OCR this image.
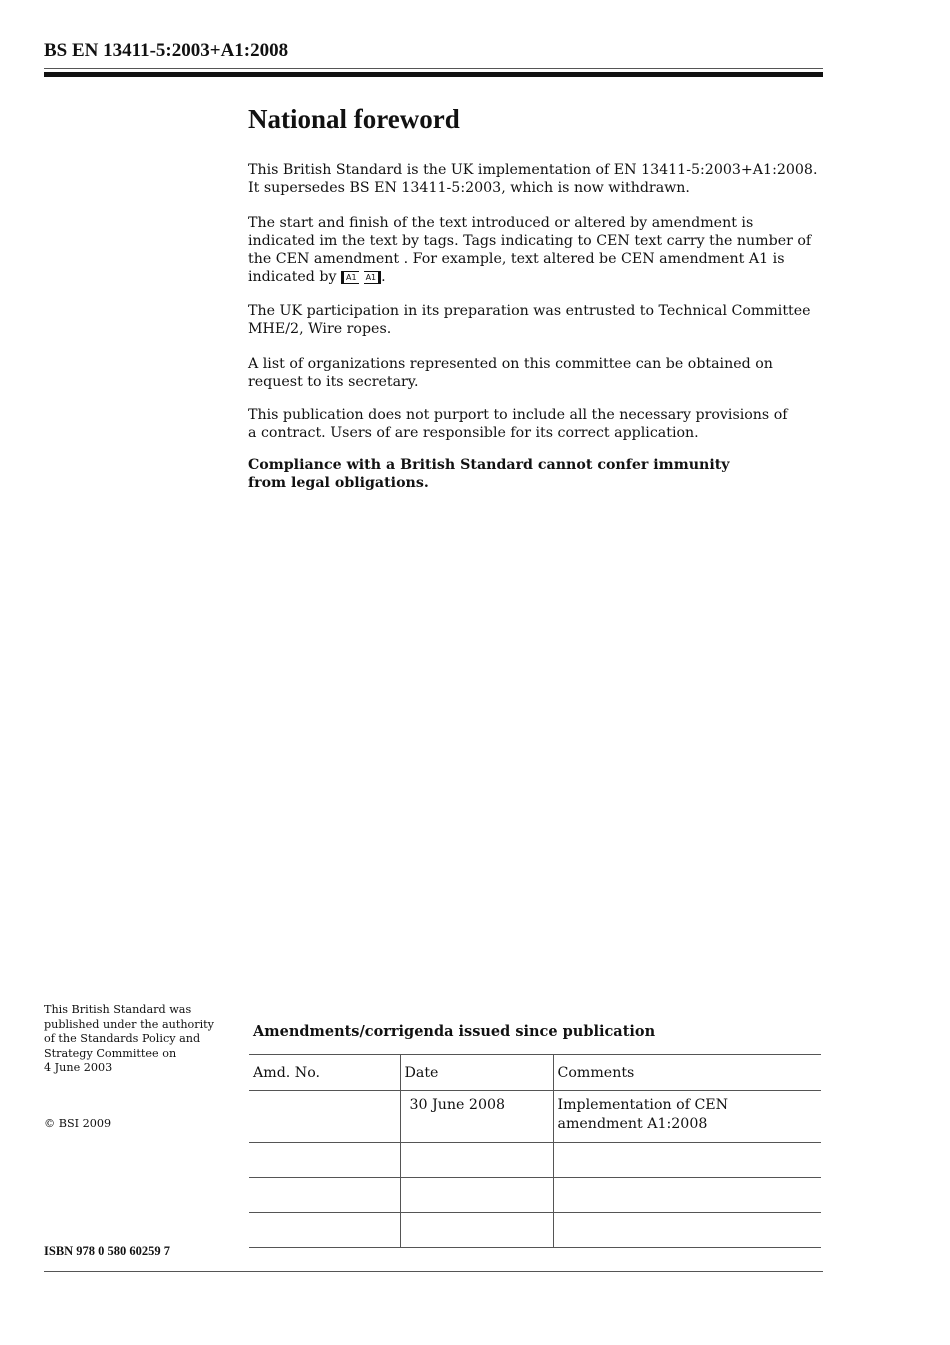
BS EN 13411-5:2003+A1:2008
National foreword

This British Standard is the UK implementation of EN 13411-5:2003+A1:2008.
It supersedes BS EN 13411-5:2003, which is now withdrawn.

The start and finish of the text introduced or altered by amendment is
indicated im the text by tags. Tags indicating to CEN text carry the number of
the CEN amendment . For example, text altered be CEN amendment A1 is
indicated by A1 A1 .

The UK participation in its preparation was entrusted to Technical Committee
MHE/2, Wire ropes.

A list of organizations represented on this committee can be obtained on
request to its secretary.

This publication does not purport to include all the necessary provisions of
a contract. Users of are responsible for its correct application.

Compliance with a British Standard cannot confer immunity
from legal obligations.

This British Standard was
published under the authority
of the Standards Policy and
Strategy Committee on
4 June 2003
© BSI 2009
ISBN 978 0 580 60259 7
Amendments/corrigenda issued since publication
Amd. No.	Date	Comments
	30 June 2008	Implementation of CEN
amendment A1:2008
